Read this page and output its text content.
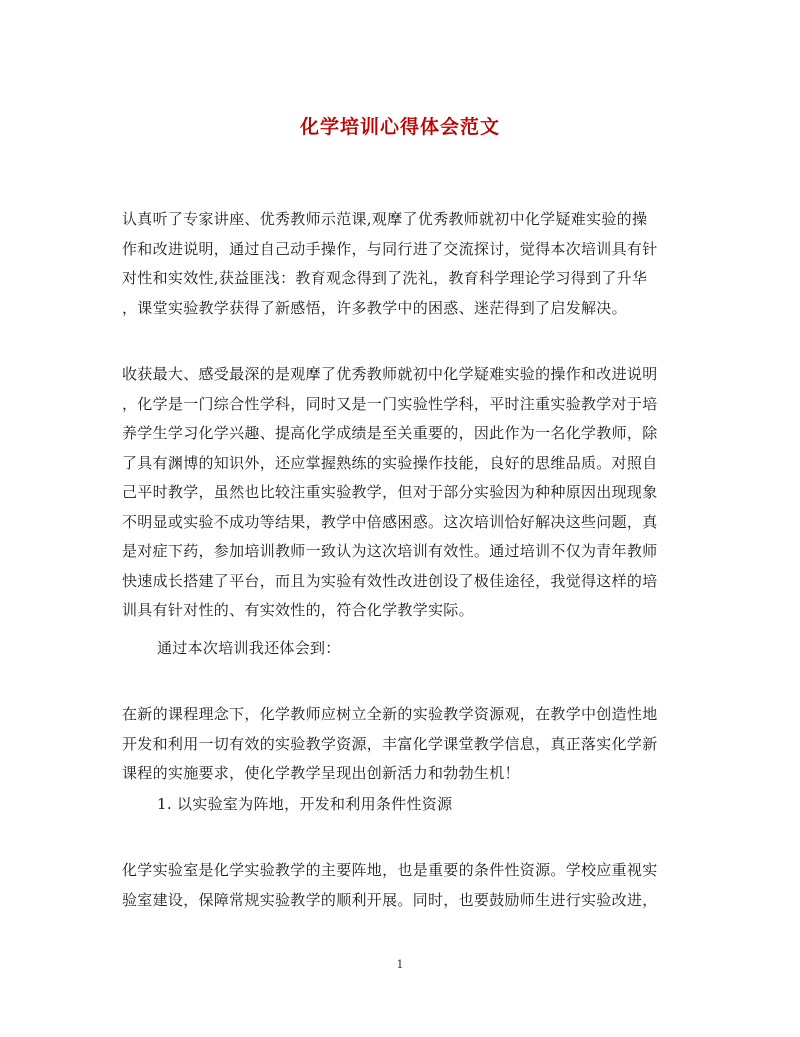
化学培训心得体会范文
认真听了专家讲座、优秀教师示范课,观摩了优秀教师就初中化学疑难实验的操
作和改进说明，通过自己动手操作，与同行进了交流探讨，觉得本次培训具有针
对性和实效性,获益匪浅：教育观念得到了洗礼，教育科学理论学习得到了升华
，课堂实验教学获得了新感悟，许多教学中的困惑、迷茫得到了启发解决。
收获最大、感受最深的是观摩了优秀教师就初中化学疑难实验的操作和改进说明
，化学是一门综合性学科，同时又是一门实验性学科，平时注重实验教学对于培
养学生学习化学兴趣、提高化学成绩是至关重要的，因此作为一名化学教师，除
了具有渊博的知识外，还应掌握熟练的实验操作技能，良好的思维品质。对照自
己平时教学，虽然也比较注重实验教学，但对于部分实验因为种种原因出现现象
不明显或实验不成功等结果，教学中倍感困惑。这次培训恰好解决这些问题，真
是对症下药，参加培训教师一致认为这次培训有效性。通过培训不仅为青年教师
快速成长搭建了平台，而且为实验有效性改进创设了极佳途径，我觉得这样的培
训具有针对性的、有实效性的，符合化学教学实际。
通过本次培训我还体会到：
在新的课程理念下，化学教师应树立全新的实验教学资源观，在教学中创造性地
开发和利用一切有效的实验教学资源，丰富化学课堂教学信息，真正落实化学新
课程的实施要求，使化学教学呈现出创新活力和勃勃生机！
1. 以实验室为阵地，开发和利用条件性资源
化学实验室是化学实验教学的主要阵地，也是重要的条件性资源。学校应重视实
验室建设，保障常规实验教学的顺利开展。同时，也要鼓励师生进行实验改进，
1
